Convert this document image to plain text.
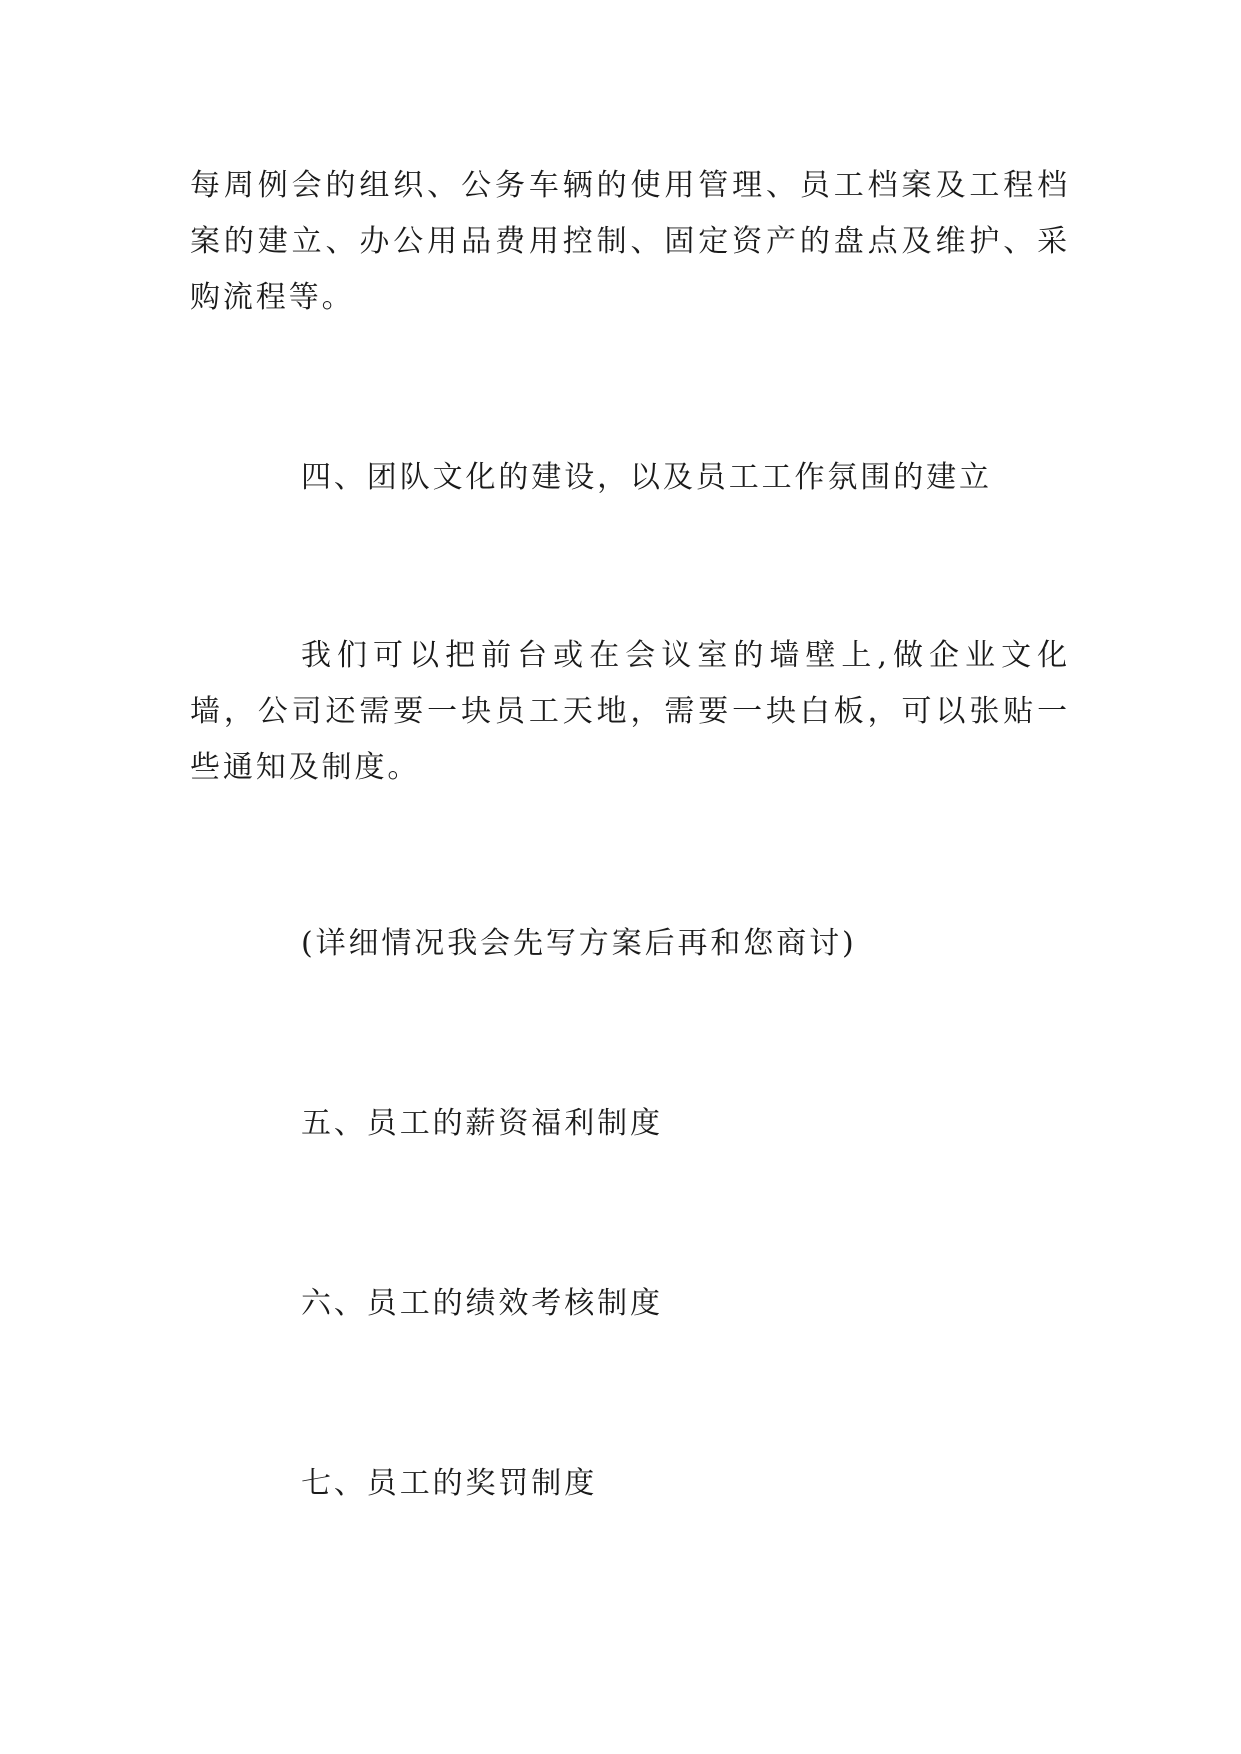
每周例会的组织、公务车辆的使用管理、员工档案及工程档案的建立、办公用品费用控制、固定资产的盘点及维护、采购流程等。

四、团队文化的建设，以及员工工作氛围的建立

我们可以把前台或在会议室的墙壁上,做企业文化墙，公司还需要一块员工天地，需要一块白板，可以张贴一些通知及制度。

(详细情况我会先写方案后再和您商讨)

五、员工的薪资福利制度

六、员工的绩效考核制度

七、员工的奖罚制度
